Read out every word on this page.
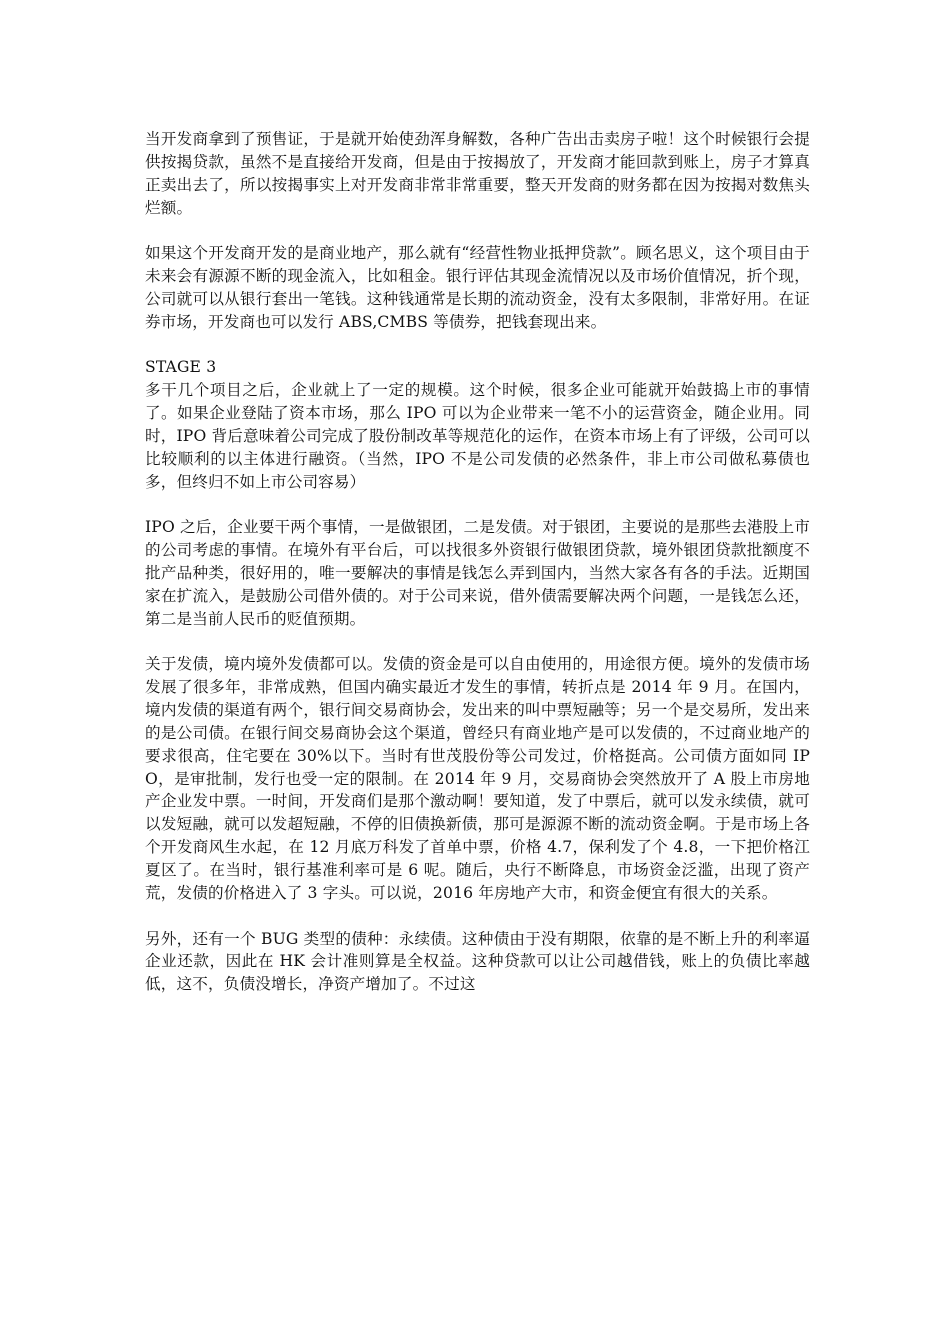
当开发商拿到了预售证，于是就开始使劲浑身解数，各种广告出击卖房子啦！这个时候银行会提供按揭贷款，虽然不是直接给开发商，但是由于按揭放了，开发商才能回款到账上，房子才算真正卖出去了，所以按揭事实上对开发商非常非常重要，整天开发商的财务都在因为按揭对数焦头烂额。

如果这个开发商开发的是商业地产，那么就有“经营性物业抵押贷款”。顾名思义，这个项目由于未来会有源源不断的现金流入，比如租金。银行评估其现金流情况以及市场价值情况，折个现，公司就可以从银行套出一笔钱。这种钱通常是长期的流动资金，没有太多限制，非常好用。在证券市场，开发商也可以发行 ABS,CMBS 等债券，把钱套现出来。

STAGE 3

多干几个项目之后，企业就上了一定的规模。这个时候，很多企业可能就开始鼓捣上市的事情了。如果企业登陆了资本市场，那么 IPO 可以为企业带来一笔不小的运营资金，随企业用。同时，IPO 背后意味着公司完成了股份制改革等规范化的运作，在资本市场上有了评级，公司可以比较顺利的以主体进行融资。（当然，IPO 不是公司发债的必然条件，非上市公司做私募债也多，但终归不如上市公司容易）

IPO 之后，企业要干两个事情，一是做银团，二是发债。对于银团，主要说的是那些去港股上市的公司考虑的事情。在境外有平台后，可以找很多外资银行做银团贷款，境外银团贷款批额度不批产品种类，很好用的，唯一要解决的事情是钱怎么弄到国内，当然大家各有各的手法。近期国家在扩流入，是鼓励公司借外债的。对于公司来说，借外债需要解决两个问题，一是钱怎么还，第二是当前人民币的贬值预期。

关于发债，境内境外发债都可以。发债的资金是可以自由使用的，用途很方便。境外的发债市场发展了很多年，非常成熟，但国内确实最近才发生的事情，转折点是 2014 年 9 月。在国内，境内发债的渠道有两个，银行间交易商协会，发出来的叫中票短融等；另一个是交易所，发出来的是公司债。在银行间交易商协会这个渠道，曾经只有商业地产是可以发债的，不过商业地产的要求很高，住宅要在 30%以下。当时有世茂股份等公司发过，价格挺高。公司债方面如同 IPO，是审批制，发行也受一定的限制。在 2014 年 9 月，交易商协会突然放开了 A 股上市房地产企业发中票。一时间，开发商们是那个激动啊！要知道，发了中票后，就可以发永续债，就可以发短融，就可以发超短融，不停的旧债换新债，那可是源源不断的流动资金啊。于是市场上各个开发商风生水起，在 12 月底万科发了首单中票，价格 4.7，保利发了个 4.8，一下把价格江夏区了。在当时，银行基准利率可是 6 呢。随后，央行不断降息，市场资金泛滥，出现了资产荒，发债的价格进入了 3 字头。可以说，2016 年房地产大市，和资金便宜有很大的关系。

另外，还有一个 BUG 类型的债种：永续债。这种债由于没有期限，依靠的是不断上升的利率逼企业还款，因此在 HK 会计准则算是全权益。这种贷款可以让公司越借钱，账上的负债比率越低，这不，负债没增长，净资产增加了。不过这
